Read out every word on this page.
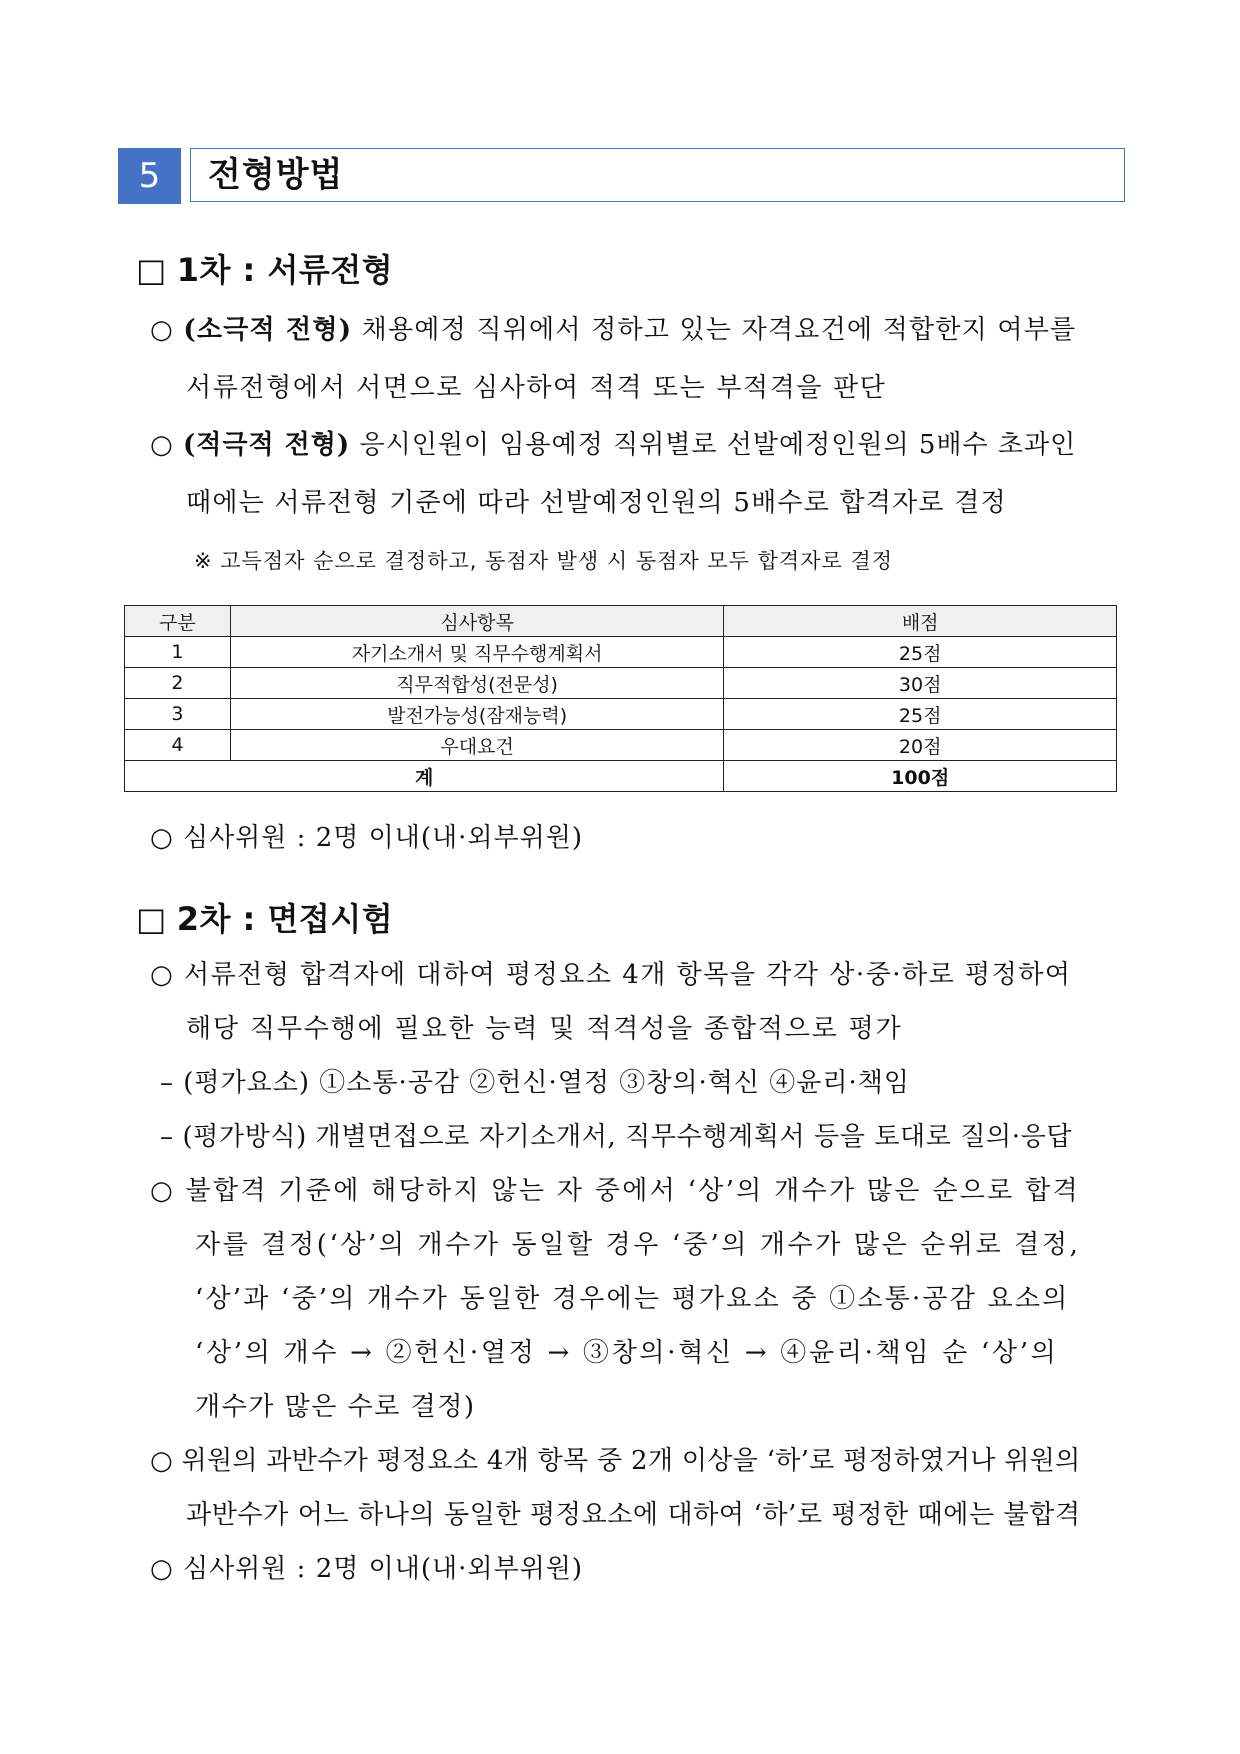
5	전형방법
□ 1차 : 서류전형
○ (소극적 전형) 채용예정 직위에서 정하고 있는 자격요건에 적합한지 여부를
서류전형에서 서면으로 심사하여 적격 또는 부적격을 판단
○ (적극적 전형) 응시인원이 임용예정 직위별로 선발예정인원의 5배수 초과인
때에는 서류전형 기준에 따라 선발예정인원의 5배수로 합격자로 결정
※ 고득점자 순으로 결정하고, 동점자 발생 시 동점자 모두 합격자로 결정
구분	심사항목	배점
1	자기소개서 및 직무수행계획서	25점
2	직무적합성(전문성)	30점
3	발전가능성(잠재능력)	25점
4	우대요건	20점
계		100점
○ 심사위원 : 2명 이내(내·외부위원)
□ 2차 : 면접시험
○ 서류전형 합격자에 대하여 평정요소 4개 항목을 각각 상·중·하로 평정하여
해당 직무수행에 필요한 능력 및 적격성을 종합적으로 평가
– (평가요소) ①소통·공감 ②헌신·열정 ③창의·혁신 ④윤리·책임
– (평가방식) 개별면접으로 자기소개서, 직무수행계획서 등을 토대로 질의·응답
○ 불합격 기준에 해당하지 않는 자 중에서 ‘상’의 개수가 많은 순으로 합격
자를 결정(‘상’의 개수가 동일할 경우 ‘중’의 개수가 많은 순위로 결정,
‘상’과 ‘중’의 개수가 동일한 경우에는 평가요소 중 ①소통·공감 요소의
‘상’의 개수 → ②헌신·열정 → ③창의·혁신 → ④윤리·책임 순 ‘상’의
개수가 많은 수로 결정)
○ 위원의 과반수가 평정요소 4개 항목 중 2개 이상을 ‘하’로 평정하였거나 위원의
과반수가 어느 하나의 동일한 평정요소에 대하여 ‘하’로 평정한 때에는 불합격
○ 심사위원 : 2명 이내(내·외부위원)
